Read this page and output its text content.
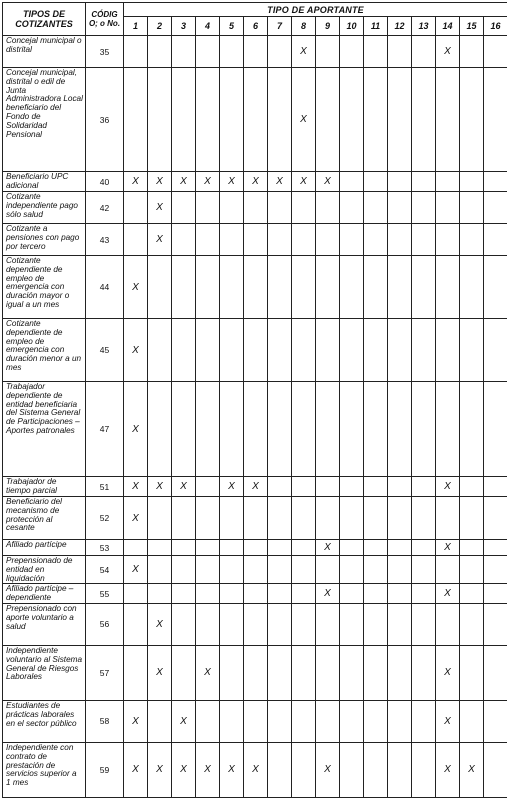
TIPOS DE COTIZANTES	CÓDIG O; o No.	TIPO DE APORTANTE															
		1	2	3	4	5	6	7	8	9	10	11	12	13	14	15	16
Concejal municipal o distrital	35								X						X		
Concejal municipal, distrital o edil de Junta Administradora Local beneficiario del Fondo de Solidaridad Pensional	36								X								
Beneficiario UPC adicional	40	X	X	X	X	X	X	X	X	X							
Cotizante independiente pago sólo salud	42		X														
Cotizante a pensiones con pago por tercero	43		X														
Cotizante dependiente de empleo de emergencia con duración mayor o igual a un mes	44	X															
Cotizante dependiente de empleo de emergencia con duración menor a un mes	45	X															
Trabajador dependiente de entidad beneficiaria del Sistema General de Participaciones – Aportes patronales	47	X															
Trabajador de tiempo parcial	51	X	X	X		X	X								X		
Beneficiario del mecanismo de protección al cesante	52	X															
Afiliado partícipe	53									X					X		
Prepensionado de entidad en liquidación	54	X															
Afiliado partícipe – dependiente	55									X					X		
Prepensionado con aporte voluntario a salud	56		X														
Independiente voluntario al Sistema General de Riesgos Laborales	57		X		X										X		
Estudiantes de prácticas laborales en el sector público	58	X		X											X		
Independiente con contrato de prestación de servicios superior a 1 mes	59	X	X	X	X	X	X			X					X	X	
